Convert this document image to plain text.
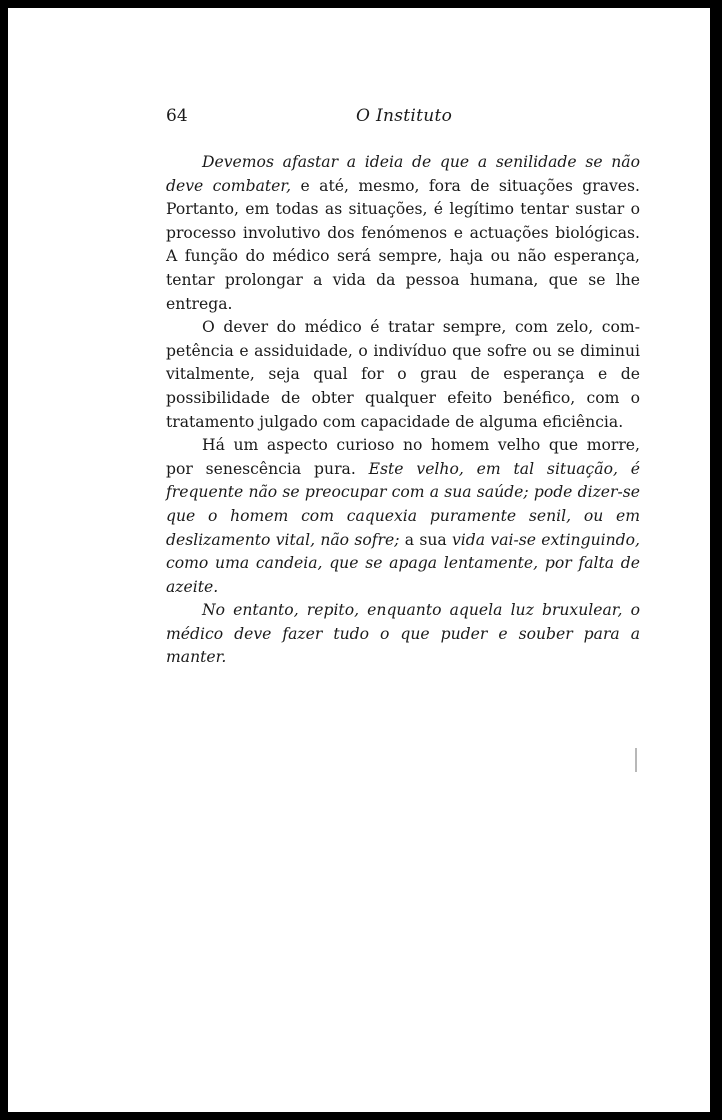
64	O Instituto

Devemos afastar a ideia de que a senilidade se não deve combater, e até, mesmo, fora de situações graves. Portanto, em todas as situações, é legítimo tentar sustar o processo involutivo dos fenómenos e actuações biológicas. A função do médico será sempre, haja ou não esperança, tentar prolongar a vida da pessoa humana, que se lhe entrega.

O dever do médico é tratar sempre, com zelo, competência e assiduidade, o indivíduo que sofre ou se diminui vitalmente, seja qual for o grau de esperança e de possibilidade de obter qualquer efeito benéfico, com o tratamento julgado com capacidade de alguma eficiência.

Há um aspecto curioso no homem velho que morre, por senescência pura. Este velho, em tal situação, é frequente não se preocupar com a sua saúde; pode dizer-se que o homem com caquexia puramente senil, ou em deslizamento vital, não sofre; a sua vida vai-se extinguindo, como uma candeia, que se apaga lentamente, por falta de azeite.

No entanto, repito, enquanto aquela luz bruxulear, o médico deve fazer tudo o que puder e souber para a manter.
